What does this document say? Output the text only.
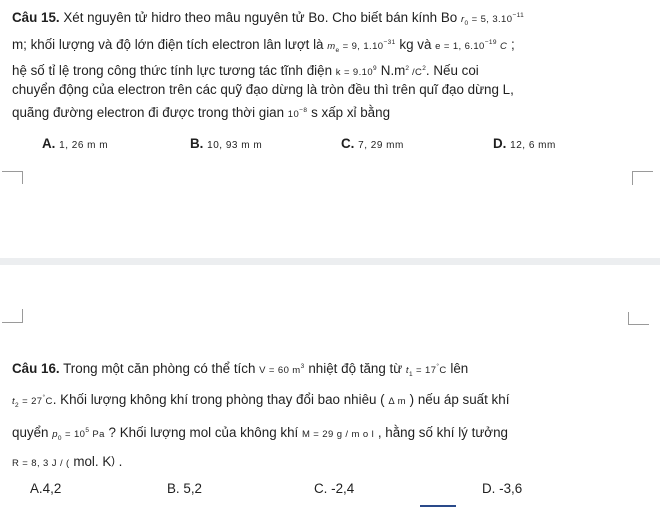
Câu 15. Xét nguyên tử hidro theo mâu nguyên tử Bo. Cho biết bán kính Bo $r_0 = 5$, $3.10^{-11}$
m; khối lượng và độ lớn điện tích electron lân lượt là $m_e = 9$, $1.10^{-31}$ kg và e = 1, $6.10^{-19}$ C ;
hệ số tỉ lệ trong công thức tính lực tương tác tĩnh điện $k = 9.10^9$ $N.m^2$ $/C^2$. Nếu coi
chuyển động của electron trên các quỹ đạo dừng là tròn đều thì trên quĩ đạo dừng L,
quãng đường electron đi được trong thời gian $10^{-8}$ s xấp xỉ bằng
A. 1, 26 m m	B. 10, 93 m m	C. 7, 29 mm	D. 12, 6 mm
Câu 16. Trong một căn phòng có thể tích V = 60 $m^3$ nhiệt độ tăng từ $t_1 = 17^\circ C$ lên
$t_2 = 27^\circ C$. Khối lượng không khí trong phòng thay đổi bao nhiêu ( Δ m ) nếu áp suất khí
quyển $p_0 = 10^5$ Pa ? Khối lượng mol của không khí M = 29 g / m o l , hằng số khí lý tưởng
R = 8, 3 J / ( mol. K) .
A.4,2	B. 5,2	C. -2,4	D. -3,6
